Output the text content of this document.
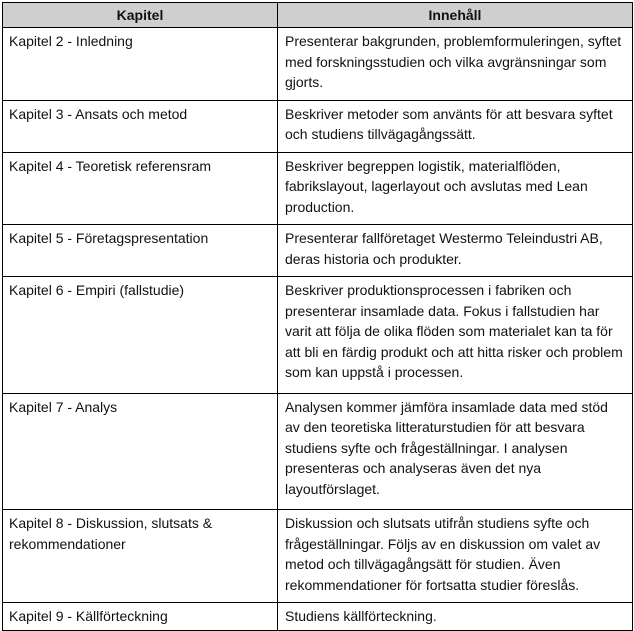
Kapitel	Innehåll
Kapitel 2 - Inledning	Presenterar bakgrunden, problemformuleringen, syftet med forskningsstudien och vilka avgränsningar som gjorts.
Kapitel 3 - Ansats och metod	Beskriver metoder som använts för att besvara syftet och studiens tillvägagångssätt.
Kapitel 4 - Teoretisk referensram	Beskriver begreppen logistik, materialflöden, fabrikslayout, lagerlayout och avslutas med Lean production.
Kapitel 5 - Företagspresentation	Presenterar fallföretaget Westermo Teleindustri AB, deras historia och produkter.
Kapitel 6 - Empiri (fallstudie)	Beskriver produktionsprocessen i fabriken och presenterar insamlade data. Fokus i fallstudien har varit att följa de olika flöden som materialet kan ta för att bli en färdig produkt och att hitta risker och problem som kan uppstå i processen.
Kapitel 7 - Analys	Analysen kommer jämföra insamlade data med stöd av den teoretiska litteraturstudien för att besvara studiens syfte och frågeställningar. I analysen presenteras och analyseras även det nya layoutförslaget.
Kapitel 8 - Diskussion, slutsats & rekommendationer	Diskussion och slutsats utifrån studiens syfte och frågeställningar. Följs av en diskussion om valet av metod och tillvägagångsätt för studien. Även rekommendationer för fortsatta studier föreslås.
Kapitel 9 - Källförteckning	Studiens källförteckning.
